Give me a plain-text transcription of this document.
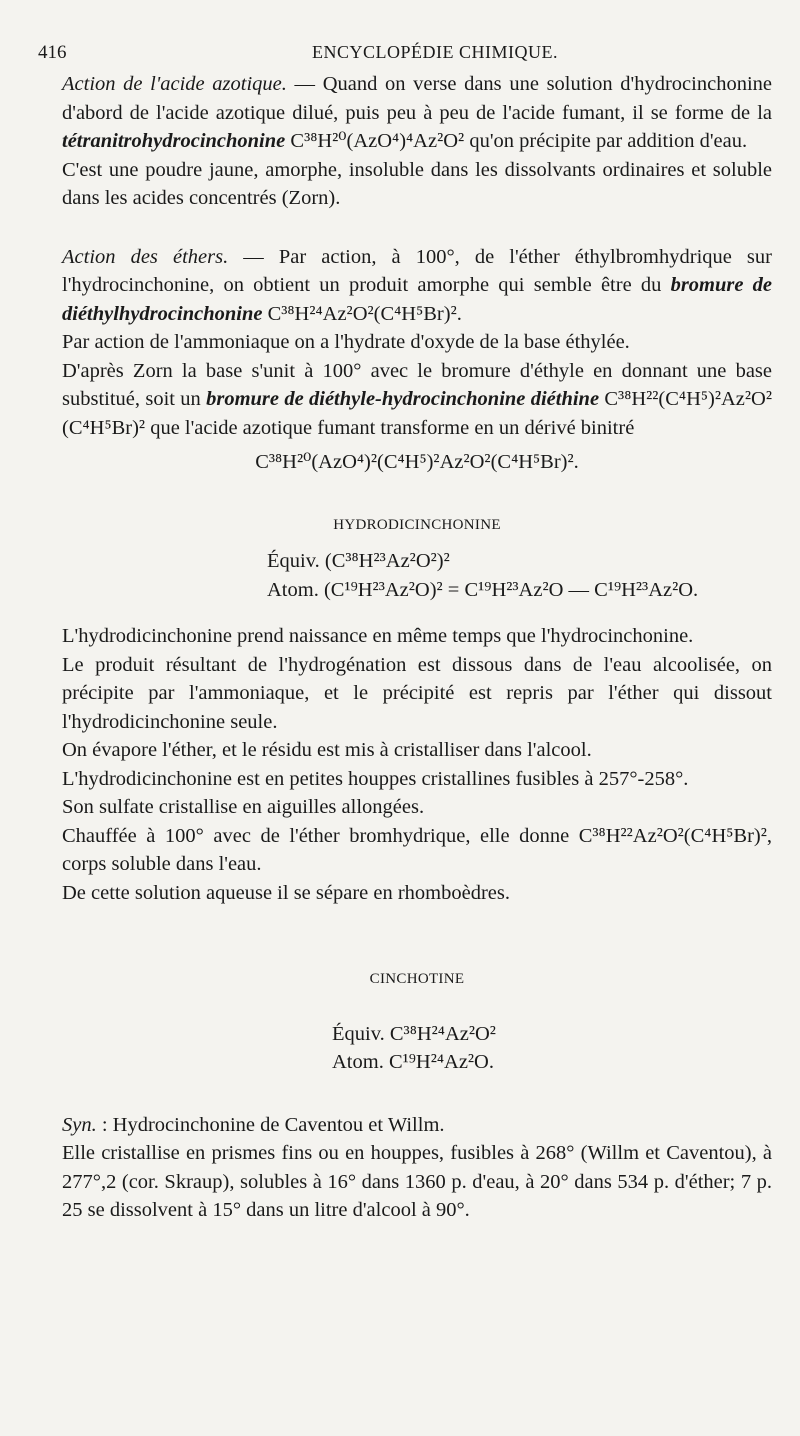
416	ENCYCLOPÉDIE CHIMIQUE.

Action de l'acide azotique. — Quand on verse dans une solution d'hydrocinchonine d'abord de l'acide azotique dilué, puis peu à peu de l'acide fumant, il se forme de la tétranitrohydrocinchonine C³⁸H²⁰(AzO⁴)⁴Az²O² qu'on précipite par addition d'eau.

C'est une poudre jaune, amorphe, insoluble dans les dissolvants ordinaires et soluble dans les acides concentrés (Zorn).

Action des éthers. — Par action, à 100°, de l'éther éthylbromhydrique sur l'hydrocinchonine, on obtient un produit amorphe qui semble être du bromure de diéthylhydrocinchonine C³⁸H²⁴Az²O²(C⁴H⁵Br)².

Par action de l'ammoniaque on a l'hydrate d'oxyde de la base éthylée.

D'après Zorn la base s'unit à 100° avec le bromure d'éthyle en donnant une base substitué, soit un bromure de diéthyle-hydrocinchonine diéthine C³⁸H²²(C⁴H⁵)²Az²O² (C⁴H⁵Br)² que l'acide azotique fumant transforme en un dérivé binitré

C³⁸H²⁰(AzO⁴)²(C⁴H⁵)²Az²O²(C⁴H⁵Br)².

HYDRODICINCHONINE

Équiv. (C³⁸H²³Az²O²)²

Atom. (C¹⁹H²³Az²O)² = C¹⁹H²³Az²O — C¹⁹H²³Az²O.

L'hydrodicinchonine prend naissance en même temps que l'hydrocinchonine.

Le produit résultant de l'hydrogénation est dissous dans de l'eau alcoolisée, on précipite par l'ammoniaque, et le précipité est repris par l'éther qui dissout l'hydrodicinchonine seule.

On évapore l'éther, et le résidu est mis à cristalliser dans l'alcool.

L'hydrodicinchonine est en petites houppes cristallines fusibles à 257°-258°.

Son sulfate cristallise en aiguilles allongées.

Chauffée à 100° avec de l'éther bromhydrique, elle donne C³⁸H²²Az²O²(C⁴H⁵Br)², corps soluble dans l'eau.

De cette solution aqueuse il se sépare en rhomboèdres.

CINCHOTINE

Équiv. C³⁸H²⁴Az²O²

Atom. C¹⁹H²⁴Az²O.

Syn. : Hydrocinchonine de Caventou et Willm.

Elle cristallise en prismes fins ou en houppes, fusibles à 268° (Willm et Caventou), à 277°,2 (cor. Skraup), solubles à 16° dans 1360 p. d'eau, à 20° dans 534 p. d'éther; 7 p. 25 se dissolvent à 15° dans un litre d'alcool à 90°.
